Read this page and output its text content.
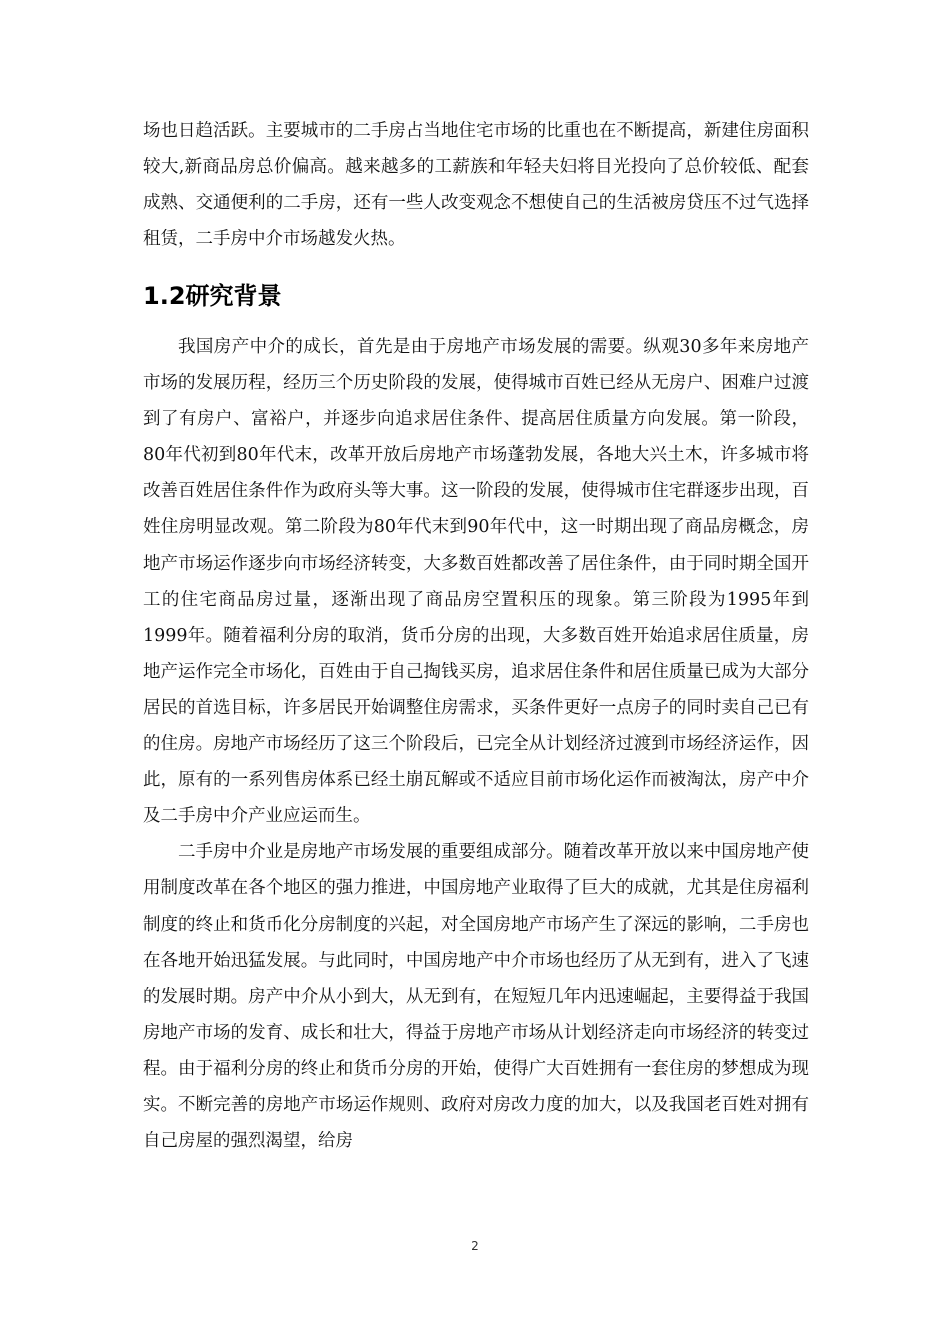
场也日趋活跃。主要城市的二手房占当地住宅市场的比重也在不断提高，新建住房面积较大,新商品房总价偏高。越来越多的工薪族和年轻夫妇将目光投向了总价较低、配套成熟、交通便利的二手房，还有一些人改变观念不想使自己的生活被房贷压不过气选择租赁，二手房中介市场越发火热。

1.2研究背景

我国房产中介的成长，首先是由于房地产市场发展的需要。纵观30多年来房地产市场的发展历程，经历三个历史阶段的发展，使得城市百姓已经从无房户、困难户过渡到了有房户、富裕户，并逐步向追求居住条件、提高居住质量方向发展。第一阶段，80年代初到80年代末，改革开放后房地产市场蓬勃发展，各地大兴土木，许多城市将改善百姓居住条件作为政府头等大事。这一阶段的发展，使得城市住宅群逐步出现，百姓住房明显改观。第二阶段为80年代末到90年代中，这一时期出现了商品房概念，房地产市场运作逐步向市场经济转变，大多数百姓都改善了居住条件，由于同时期全国开工的住宅商品房过量，逐渐出现了商品房空置积压的现象。第三阶段为1995年到1999年。随着福利分房的取消，货币分房的出现，大多数百姓开始追求居住质量，房地产运作完全市场化，百姓由于自己掏钱买房，追求居住条件和居住质量已成为大部分居民的首选目标，许多居民开始调整住房需求，买条件更好一点房子的同时卖自己已有的住房。房地产市场经历了这三个阶段后，已完全从计划经济过渡到市场经济运作，因此，原有的一系列售房体系已经土崩瓦解或不适应目前市场化运作而被淘汰，房产中介及二手房中介产业应运而生。

二手房中介业是房地产市场发展的重要组成部分。随着改革开放以来中国房地产使用制度改革在各个地区的强力推进，中国房地产业取得了巨大的成就，尤其是住房福利制度的终止和货币化分房制度的兴起，对全国房地产市场产生了深远的影响，二手房也在各地开始迅猛发展。与此同时，中国房地产中介市场也经历了从无到有，进入了飞速的发展时期。房产中介从小到大，从无到有，在短短几年内迅速崛起，主要得益于我国房地产市场的发育、成长和壮大，得益于房地产市场从计划经济走向市场经济的转变过程。由于福利分房的终止和货币分房的开始，使得广大百姓拥有一套住房的梦想成为现实。不断完善的房地产市场运作规则、政府对房改力度的加大，以及我国老百姓对拥有自己房屋的强烈渴望，给房

2
